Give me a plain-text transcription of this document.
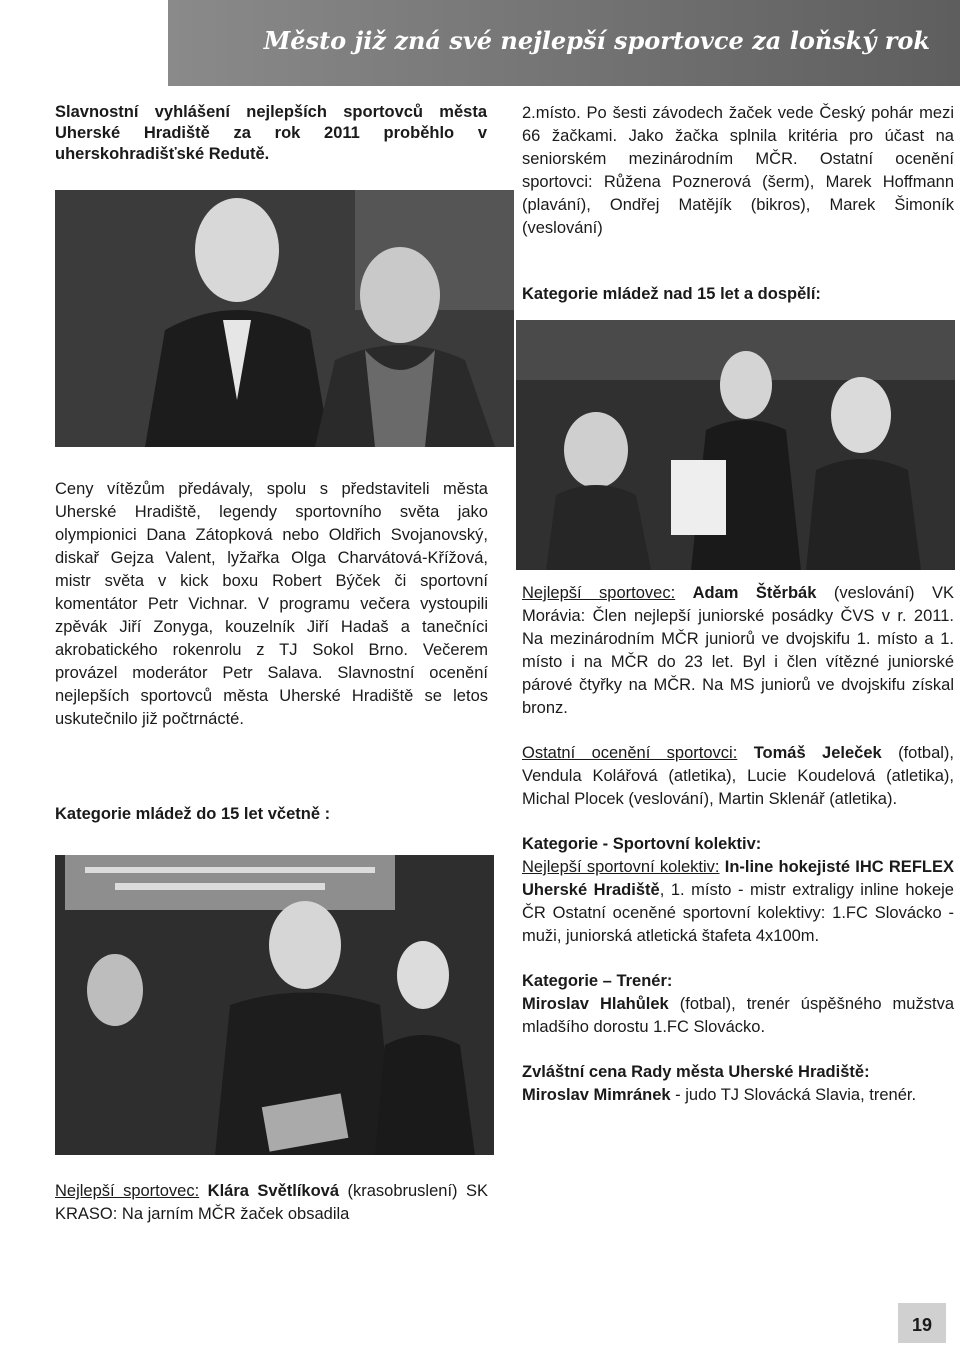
Město již zná své nejlepší sportovce za loňský rok
Slavnostní vyhlášení nejlepších sportovců města Uherské Hradiště za rok 2011 proběhlo v uherskohradišťské Redutě.

Ceny vítězům předávaly, spolu s představiteli města Uherské Hradiště, legendy sportovního světa jako olympionici Dana Zátopková nebo Oldřich Svojanovský, diskař Gejza Valent, lyžařka Olga Charvátová-Křížová, mistr světa v kick boxu Robert Býček či sportovní komentátor Petr Vichnar. V programu večera vystoupili zpěvák Jiří Zonyga, kouzelník Jiří Hadaš a tanečníci akrobatického rokenrolu z TJ Sokol Brno. Večerem provázel moderátor Petr Salava. Slavnostní ocenění nejlepších sportovců města Uherské Hradiště se letos uskutečnilo již počtrnácté.

Kategorie mládež do 15 let včetně :

Nejlepší sportovec: Klára Světlíková (krasobruslení) SK KRASO: Na jarním MČR žaček obsadila

2.místo. Po šesti závodech žaček vede Český pohár mezi 66 žačkami. Jako žačka splnila kritéria pro účast na seniorském mezinárodním MČR. Ostatní ocenění sportovci: Růžena Poznerová (šerm), Marek Hoffmann (plavání), Ondřej Matějík (bikros), Marek Šimoník (veslování)

Kategorie mládež nad 15 let a dospělí:

Nejlepší sportovec: Adam Štěrbák (veslování) VK Morávia: Člen nejlepší juniorské posádky ČVS v r. 2011. Na mezinárodním MČR juniorů ve dvojskifu 1. místo a 1. místo i na MČR do 23 let. Byl i člen vítězné juniorské párové čtyřky na MČR. Na MS juniorů ve dvojskifu získal bronz.

Ostatní ocenění sportovci: Tomáš Jeleček (fotbal), Vendula Kolářová (atletika), Lucie Koudelová (atletika), Michal Plocek (veslování), Martin Sklenář (atletika).

Kategorie - Sportovní kolektiv:

Nejlepší sportovní kolektiv: In-line hokejisté IHC REFLEX Uherské Hradiště, 1. místo - mistr extraligy inline hokeje ČR Ostatní oceněné sportovní kolektivy: 1.FC Slovácko - muži, juniorská atletická štafeta 4x100m.

Kategorie – Trenér:

Miroslav Hlahůlek (fotbal), trenér úspěšného mužstva mladšího dorostu 1.FC Slovácko.

Zvláštní cena Rady města Uherské Hradiště:

Miroslav Mimránek - judo TJ Slovácká Slavia, trenér.

19
